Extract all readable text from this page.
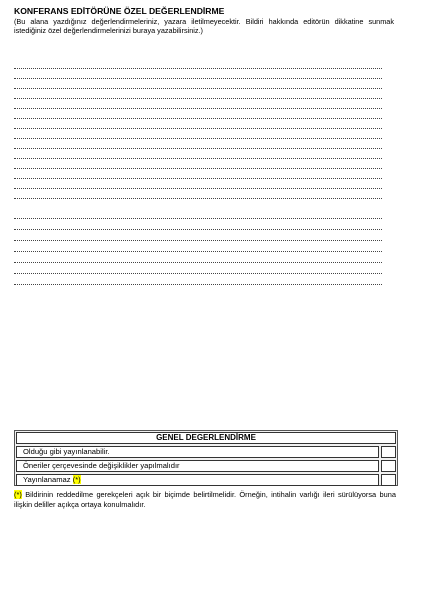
KONFERANS EDİTÖRÜNE ÖZEL DEĞERLENDİRME
(Bu alana yazdığınız değerlendirmeleriniz, yazara iletilmeyecektir. Bildiri hakkında editörün dikkatine sunmak istediğiniz özel değerlendirmelerinizi buraya yazabilirsiniz.)
GENEL DEGERLENDİRME
Olduğu gibi yayınlanabilir.
Öneriler çerçevesinde değişiklikler yapılmalıdır
Yayınlanamaz (*)
(*) Bildirinin reddedilme gerekçeleri açık bir biçimde belirtilmelidir. Örneğin, intihalin varlığı ileri sürülüyorsa buna ilişkin deliller açıkça ortaya konulmalıdır.
